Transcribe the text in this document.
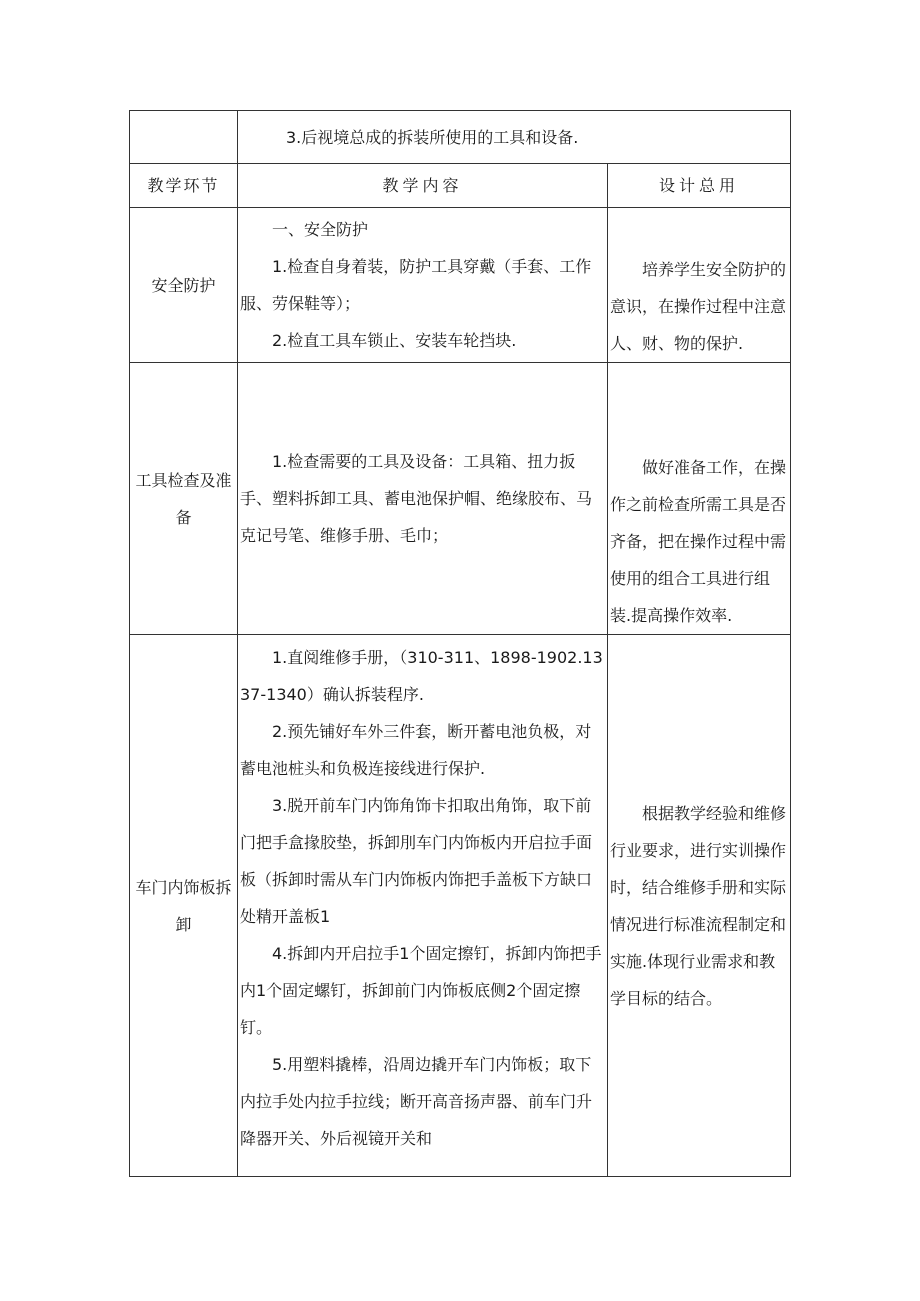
	3.后视境总成的拆装所使用的工具和设备.	

教学环节	教学内容	设计总用
安全防护	一、安全防护

1.检查自身着装，防护工具穿戴（手套、工作服、劳保鞋等）；

2.检直工具车锁止、安装车轮挡块.	培养学生安全防护的意识，在操作过程中注意人、财、物的保护.

工具检查及准备	1.检查需要的工具及设备：工具箱、扭力扳手、塑料拆卸工具、蓄电池保护帽、绝缘胶布、马克记号笔、维修手册、毛巾；	做好准备工作，在操作之前检查所需工具是否齐备，把在操作过程中需使用的组合工具进行组装.提高操作效率.

车门内饰板拆卸	1.直阅维修手册，（310-311、1898-1902.1337-1340）确认拆装程序.

2.预先铺好车外三件套，断开蓄电池负极，对蓄电池桩头和负极连接线进行保护.

3.脱开前车门内饰角饰卡扣取出角饰，取下前门把手盒掾胶垫，拆卸刖车门内饰板内开启拉手面板（拆卸时需从车门内饰板内饰把手盖板下方缺口处精开盖板1

4.拆卸内开启拉手1个固定擦钉，拆卸内饰把手内1个固定螺钉，拆卸前门内饰板底侧2个固定擦钉。

5.用塑料撬棒，沿周边撬开车门内饰板；取下内拉手处内拉手拉线；断开高音扬声器、前车门升降器开关、外后视镜开关和	根据教学经验和维修行业要求，进行实训操作时，结合维修手册和实际情况进行标准流程制定和实施.体现行业需求和教学目标的结合。
